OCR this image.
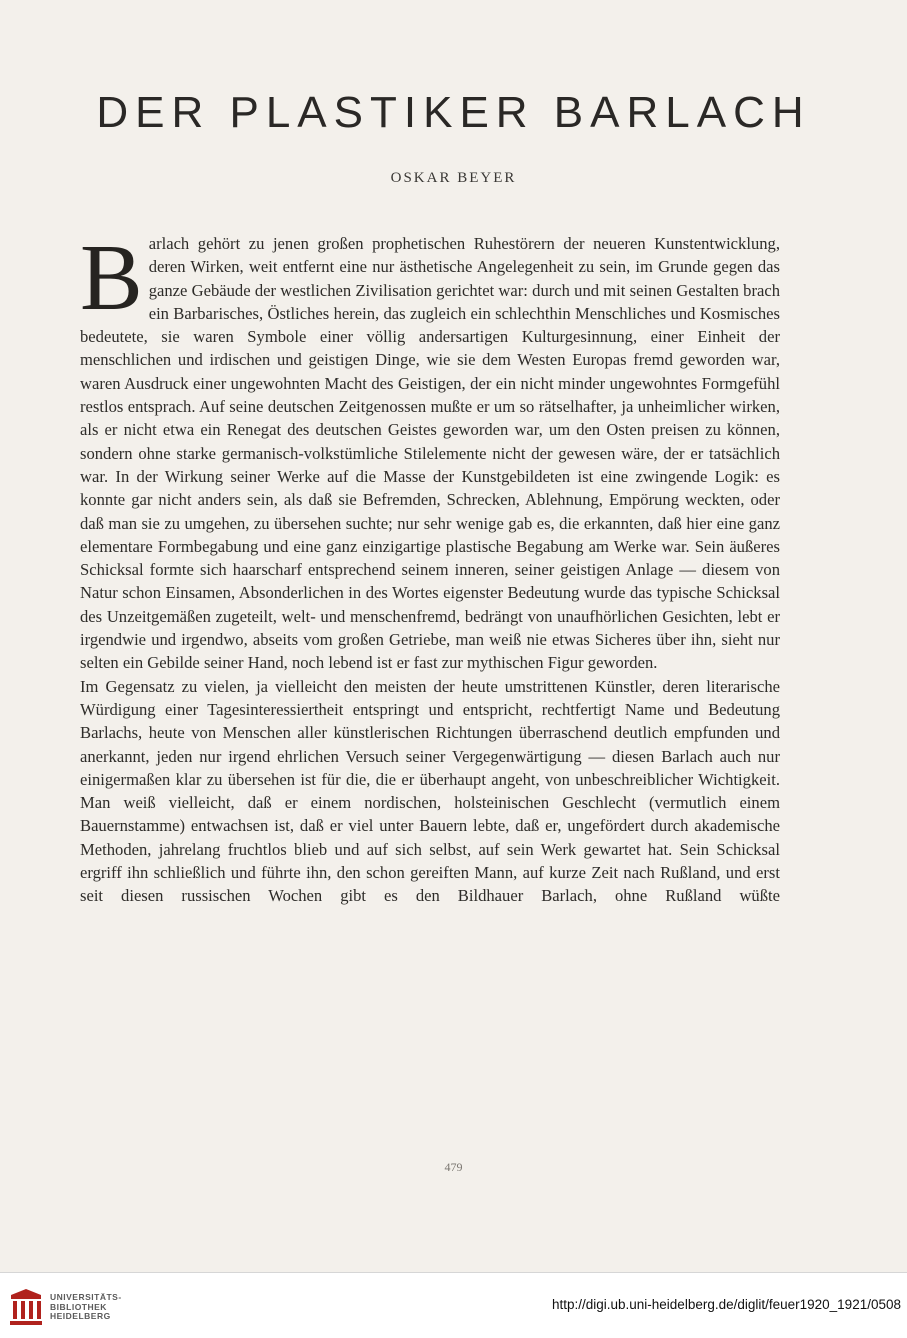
DER PLASTIKER BARLACH
OSKAR BEYER

Barlach gehört zu jenen großen prophetischen Ruhestörern der neueren Kunstentwicklung, deren Wirken, weit entfernt eine nur ästhetische Angelegenheit zu sein, im Grunde gegen das ganze Gebäude der westlichen Zivilisation gerichtet war: durch und mit seinen Gestalten brach ein Barbarisches, Östliches herein, das zugleich ein schlechthin Menschliches und Kosmisches bedeutete, sie waren Symbole einer völlig andersartigen Kulturgesinnung, einer Einheit der menschlichen und irdischen und geistigen Dinge, wie sie dem Westen Europas fremd geworden war, waren Ausdruck einer ungewohnten Macht des Geistigen, der ein nicht minder ungewohntes Formgefühl restlos entsprach. Auf seine deutschen Zeitgenossen mußte er um so rätselhafter, ja unheimlicher wirken, als er nicht etwa ein Renegat des deutschen Geistes geworden war, um den Osten preisen zu können, sondern ohne starke germanisch-volkstümliche Stilelemente nicht der gewesen wäre, der er tatsächlich war. In der Wirkung seiner Werke auf die Masse der Kunstgebildeten ist eine zwingende Logik: es konnte gar nicht anders sein, als daß sie Befremden, Schrecken, Ablehnung, Empörung weckten, oder daß man sie zu umgehen, zu übersehen suchte; nur sehr wenige gab es, die erkannten, daß hier eine ganz elementare Formbegabung und eine ganz einzigartige plastische Begabung am Werke war. Sein äußeres Schicksal formte sich haarscharf entsprechend seinem inneren, seiner geistigen Anlage — diesem von Natur schon Einsamen, Absonderlichen in des Wortes eigenster Bedeutung wurde das typische Schicksal des Unzeitgemäßen zugeteilt, welt- und menschenfremd, bedrängt von unaufhörlichen Gesichten, lebt er irgendwie und irgendwo, abseits vom großen Getriebe, man weiß nie etwas Sicheres über ihn, sieht nur selten ein Gebilde seiner Hand, noch lebend ist er fast zur mythischen Figur geworden.

Im Gegensatz zu vielen, ja vielleicht den meisten der heute umstrittenen Künstler, deren literarische Würdigung einer Tagesinteressiertheit entspringt und entspricht, rechtfertigt Name und Bedeutung Barlachs, heute von Menschen aller künstlerischen Richtungen überraschend deutlich empfunden und anerkannt, jeden nur irgend ehrlichen Versuch seiner Vergegenwärtigung — diesen Barlach auch nur einigermaßen klar zu übersehen ist für die, die er überhaupt angeht, von unbeschreiblicher Wichtigkeit. Man weiß vielleicht, daß er einem nordischen, holsteinischen Geschlecht (vermutlich einem Bauernstamme) entwachsen ist, daß er viel unter Bauern lebte, daß er, ungefördert durch akademische Methoden, jahrelang fruchtlos blieb und auf sich selbst, auf sein Werk gewartet hat. Sein Schicksal ergriff ihn schließlich und führte ihn, den schon gereiften Mann, auf kurze Zeit nach Rußland, und erst seit diesen russischen Wochen gibt es den Bildhauer Barlach, ohne Rußland wüßte

479
UNIVERSITÄTS-
BIBLIOTHEK
HEIDELBERG
http://digi.ub.uni-heidelberg.de/diglit/feuer1920_1921/0508
